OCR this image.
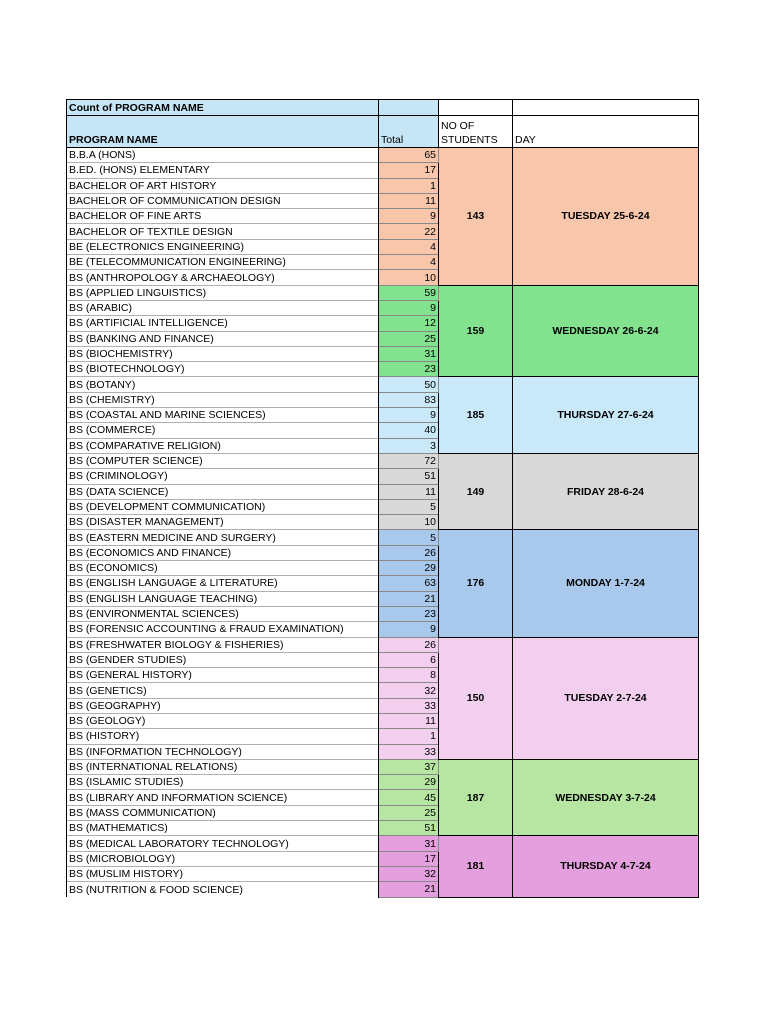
Count of PROGRAM NAME			
PROGRAM NAME	Total	NO OF STUDENTS	DAY
B.B.A (HONS)	65	143	TUESDAY 25-6-24
B.ED. (HONS) ELEMENTARY	17		
BACHELOR OF ART HISTORY	1		
BACHELOR OF COMMUNICATION DESIGN	11		
BACHELOR OF FINE ARTS	9		
BACHELOR OF TEXTILE DESIGN	22		
BE (ELECTRONICS ENGINEERING)	4		
BE (TELECOMMUNICATION ENGINEERING)	4		
BS (ANTHROPOLOGY & ARCHAEOLOGY)	10		
BS (APPLIED LINGUISTICS)	59	159	WEDNESDAY 26-6-24
BS (ARABIC)	9		
BS (ARTIFICIAL INTELLIGENCE)	12		
BS (BANKING AND FINANCE)	25		
BS (BIOCHEMISTRY)	31		
BS (BIOTECHNOLOGY)	23		
BS (BOTANY)	50	185	THURSDAY 27-6-24
BS (CHEMISTRY)	83		
BS (COASTAL AND MARINE SCIENCES)	9		
BS (COMMERCE)	40		
BS (COMPARATIVE RELIGION)	3		
BS (COMPUTER SCIENCE)	72	149	FRIDAY 28-6-24
BS (CRIMINOLOGY)	51		
BS (DATA SCIENCE)	11		
BS (DEVELOPMENT COMMUNICATION)	5		
BS (DISASTER MANAGEMENT)	10		
BS (EASTERN MEDICINE AND SURGERY)	5	176	MONDAY 1-7-24
BS (ECONOMICS AND FINANCE)	26		
BS (ECONOMICS)	29		
BS (ENGLISH LANGUAGE & LITERATURE)	63		
BS (ENGLISH LANGUAGE TEACHING)	21		
BS (ENVIRONMENTAL SCIENCES)	23		
BS (FORENSIC ACCOUNTING & FRAUD EXAMINATION)	9		
BS (FRESHWATER BIOLOGY & FISHERIES)	26	150	TUESDAY 2-7-24
BS (GENDER STUDIES)	6		
BS (GENERAL HISTORY)	8		
BS (GENETICS)	32		
BS (GEOGRAPHY)	33		
BS (GEOLOGY)	11		
BS (HISTORY)	1		
BS (INFORMATION TECHNOLOGY)	33		
BS (INTERNATIONAL RELATIONS)	37	187	WEDNESDAY 3-7-24
BS (ISLAMIC STUDIES)	29		
BS (LIBRARY AND INFORMATION SCIENCE)	45		
BS (MASS COMMUNICATION)	25		
BS (MATHEMATICS)	51		
BS (MEDICAL LABORATORY TECHNOLOGY)	31	181	THURSDAY 4-7-24
BS (MICROBIOLOGY)	17		
BS (MUSLIM HISTORY)	32		
BS (NUTRITION & FOOD SCIENCE)	21		
